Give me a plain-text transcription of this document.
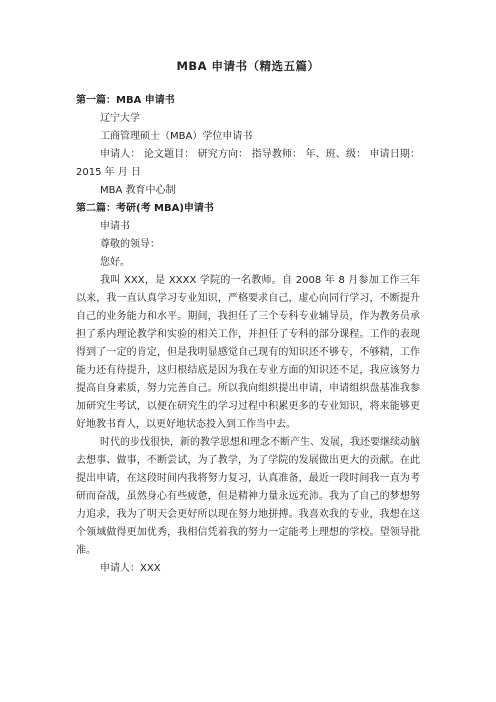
MBA 申请书（精选五篇）
第一篇：MBA 申请书

辽宁大学

工商管理硕士（MBA）学位申请书

申请人： 论文题目： 研究方向： 指导教师： 年、班、级： 申请日期： 2015 年 月 日

MBA 教育中心制

第二篇：考研(考 MBA)申请书

申请书

尊敬的领导：

您好。

我叫 XXX，是 XXXX 学院的一名教师。自 2008 年 8 月参加工作三年以来，我一直认真学习专业知识，严格要求自己，虚心向同行学习，不断提升自己的业务能力和水平。期间，我担任了三个专科专业辅导员，作为教务员承担了系内理论教学和实验的相关工作，并担任了专科的部分课程。工作的表现得到了一定的肯定，但是我明显感觉自己现有的知识还不够专，不够精，工作能力还有待提升，这归根结底是因为我在专业方面的知识还不足，我应该努力提高自身素质，努力完善自己。所以我向组织提出申请，申请组织盘基准我参加研究生考试，以便在研究生的学习过程中积累更多的专业知识，将来能够更好地教书育人，以更好地状态投入到工作当中去。

时代的步伐很快，新的教学思想和理念不断产生、发展，我还要继续动脑去想事、做事，不断尝试，为了教学，为了学院的发展做出更大的贡献。在此提出申请，在这段时间内我将努力复习，认真准备，最近一段时间我一直为考研而奋战，虽然身心有些疲惫，但是精神力量永远充沛。我为了自己的梦想努力追求，我为了明天会更好所以现在努力地拼搏。我喜欢我的专业，我想在这个领域做得更加优秀，我相信凭着我的努力一定能考上理想的学校。望领导批准。

申请人：XXX
